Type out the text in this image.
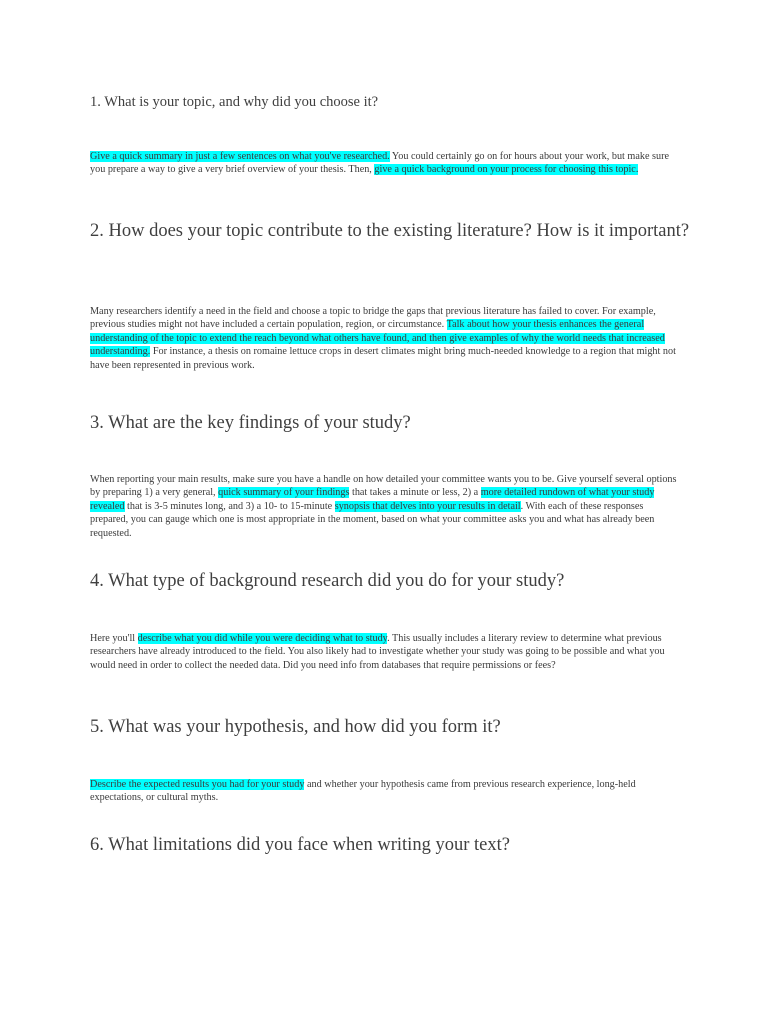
1. What is your topic, and why did you choose it?

Give a quick summary in just a few sentences on what you've researched. You could certainly go on for hours about your work, but make sure you prepare a way to give a very brief overview of your thesis. Then, give a quick background on your process for choosing this topic.

2. How does your topic contribute to the existing literature? How is it important?

Many researchers identify a need in the field and choose a topic to bridge the gaps that previous literature has failed to cover. For example, previous studies might not have included a certain population, region, or circumstance. Talk about how your thesis enhances the general understanding of the topic to extend the reach beyond what others have found, and then give examples of why the world needs that increased understanding. For instance, a thesis on romaine lettuce crops in desert climates might bring much-needed knowledge to a region that might not have been represented in previous work.

3. What are the key findings of your study?

When reporting your main results, make sure you have a handle on how detailed your committee wants you to be. Give yourself several options by preparing 1) a very general, quick summary of your findings that takes a minute or less, 2) a more detailed rundown of what your study revealed that is 3-5 minutes long, and 3) a 10- to 15-minute synopsis that delves into your results in detail. With each of these responses prepared, you can gauge which one is most appropriate in the moment, based on what your committee asks you and what has already been requested.

4. What type of background research did you do for your study?

Here you'll describe what you did while you were deciding what to study. This usually includes a literary review to determine what previous researchers have already introduced to the field. You also likely had to investigate whether your study was going to be possible and what you would need in order to collect the needed data. Did you need info from databases that require permissions or fees?

5. What was your hypothesis, and how did you form it?

Describe the expected results you had for your study and whether your hypothesis came from previous research experience, long-held expectations, or cultural myths.

6. What limitations did you face when writing your text?
